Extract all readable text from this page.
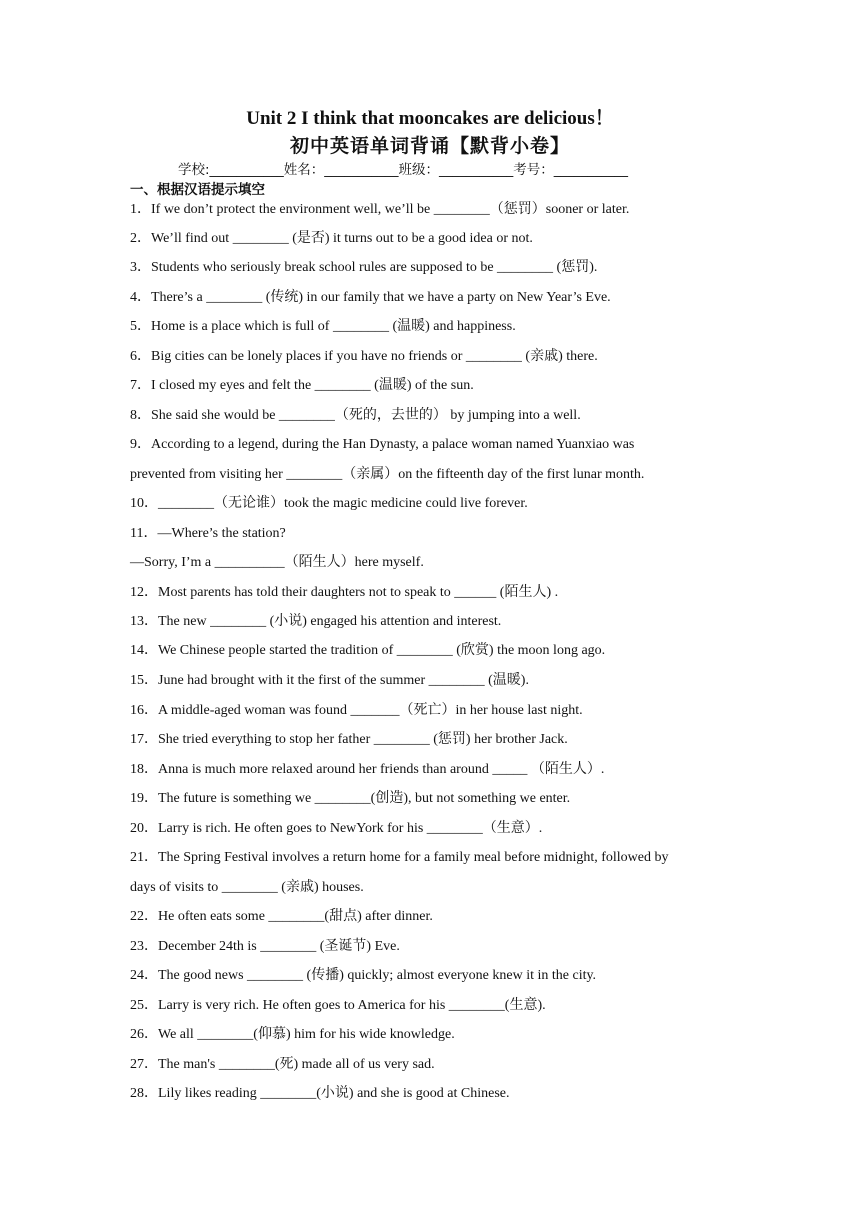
Unit 2 I think that mooncakes are delicious！
初中英语单词背诵【默背小卷】
学校:___________姓名：___________班级：___________考号：___________
一、根据汉语提示填空
1．If we don’t protect the environment well, we’ll be ________（惩罚）sooner or later.
2．We’ll find out ________ (是否) it turns out to be a good idea or not.
3．Students who seriously break school rules are supposed to be ________ (惩罚).
4．There’s a ________ (传统) in our family that we have a party on New Year’s Eve.
5．Home is a place which is full of ________ (温暖) and happiness.
6．Big cities can be lonely places if you have no friends or ________ (亲戚) there.
7．I closed my eyes and felt the ________ (温暖) of the sun.
8．She said she would be ________（死的，去世的） by jumping into a well.
9．According to a legend, during the Han Dynasty, a palace woman named Yuanxiao was
prevented from visiting her ________（亲属）on the fifteenth day of the first lunar month.
10．________（无论谁）took the magic medicine could live forever.
11．—Where’s the station?
—Sorry, I’m a __________（陌生人）here myself.
12．Most parents has told their daughters not to speak to ______ (陌生人) .
13．The new ________ (小说) engaged his attention and interest.
14．We Chinese people started the tradition of ________ (欣赏) the moon long ago.
15．June had brought with it the first of the summer ________ (温暖).
16．A middle-aged woman was found _______（死亡）in her house last night.
17．She tried everything to stop her father ________ (惩罚) her brother Jack.
18．Anna is much more relaxed around her friends than around _____ （陌生人）.
19．The future is something we ________(创造), but not something we enter.
20．Larry is rich. He often goes to NewYork for his ________（生意）.
21．The Spring Festival involves a return home for a family meal before midnight, followed by
days of visits to ________ (亲戚) houses.
22．He often eats some ________(甜点) after dinner.
23．December 24th is ________ (圣诞节) Eve.
24．The good news ________ (传播) quickly; almost everyone knew it in the city.
25．Larry is very rich. He often goes to America for his ________(生意).
26．We all ________(仰慕) him for his wide knowledge.
27．The man's ________(死) made all of us very sad.
28．Lily likes reading ________(小说) and she is good at Chinese.
